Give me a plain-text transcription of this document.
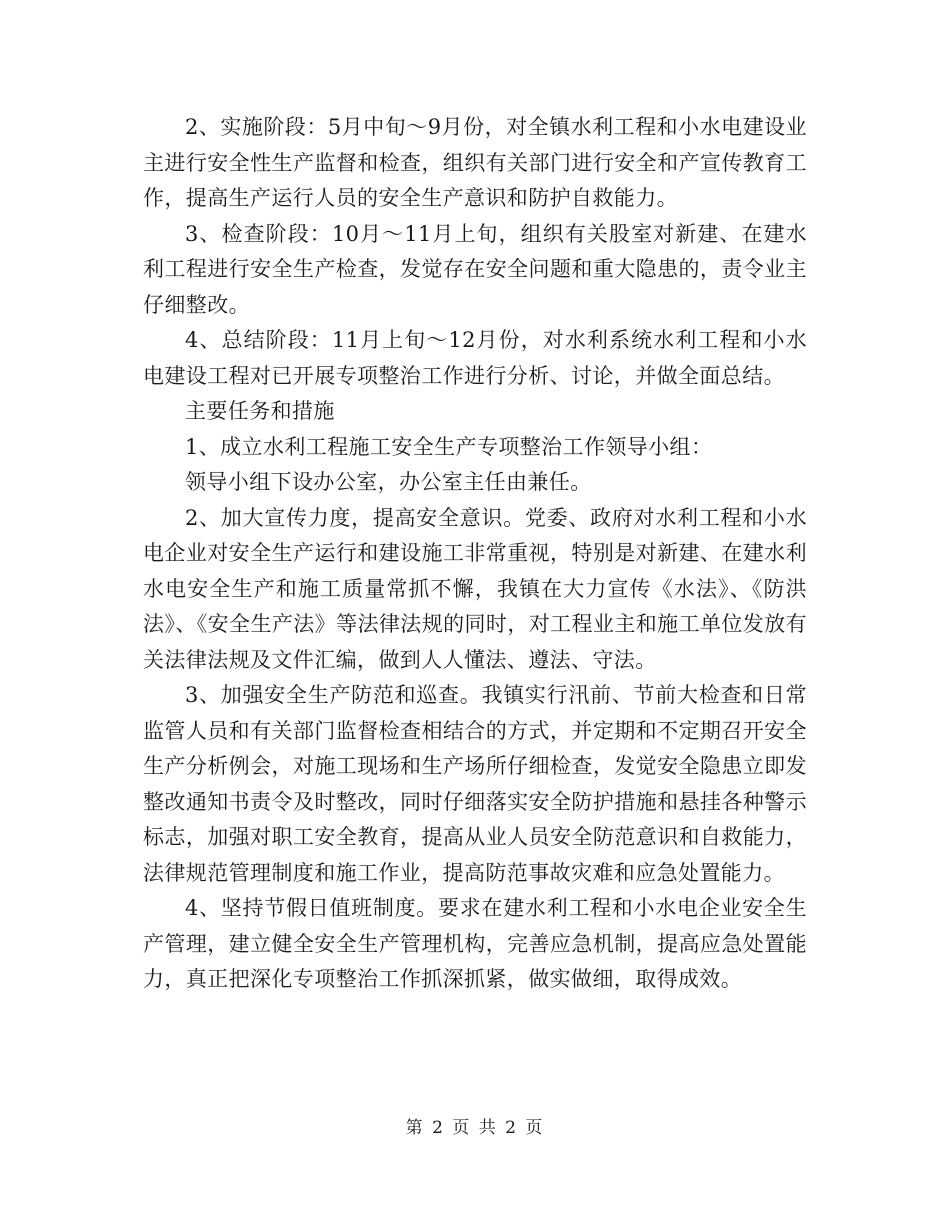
2、实施阶段：5月中旬～9月份，对全镇水利工程和小水电建设业主进行安全性生产监督和检查，组织有关部门进行安全和产宣传教育工作，提高生产运行人员的安全生产意识和防护自救能力。

3、检查阶段：10月～11月上旬，组织有关股室对新建、在建水利工程进行安全生产检查，发觉存在安全问题和重大隐患的，责令业主仔细整改。

4、总结阶段：11月上旬～12月份，对水利系统水利工程和小水电建设工程对已开展专项整治工作进行分析、讨论，并做全面总结。

主要任务和措施

1、成立水利工程施工安全生产专项整治工作领导小组：

领导小组下设办公室，办公室主任由兼任。

2、加大宣传力度，提高安全意识。党委、政府对水利工程和小水电企业对安全生产运行和建设施工非常重视，特别是对新建、在建水利水电安全生产和施工质量常抓不懈，我镇在大力宣传《水法》、《防洪法》、《安全生产法》等法律法规的同时，对工程业主和施工单位发放有关法律法规及文件汇编，做到人人懂法、遵法、守法。

3、加强安全生产防范和巡查。我镇实行汛前、节前大检查和日常监管人员和有关部门监督检查相结合的方式，并定期和不定期召开安全生产分析例会，对施工现场和生产场所仔细检查，发觉安全隐患立即发整改通知书责令及时整改，同时仔细落实安全防护措施和悬挂各种警示标志，加强对职工安全教育，提高从业人员安全防范意识和自救能力，法律规范管理制度和施工作业，提高防范事故灾难和应急处置能力。

4、坚持节假日值班制度。要求在建水利工程和小水电企业安全生产管理，建立健全安全生产管理机构，完善应急机制，提高应急处置能力，真正把深化专项整治工作抓深抓紧，做实做细，取得成效。

第 2 页 共 2 页
